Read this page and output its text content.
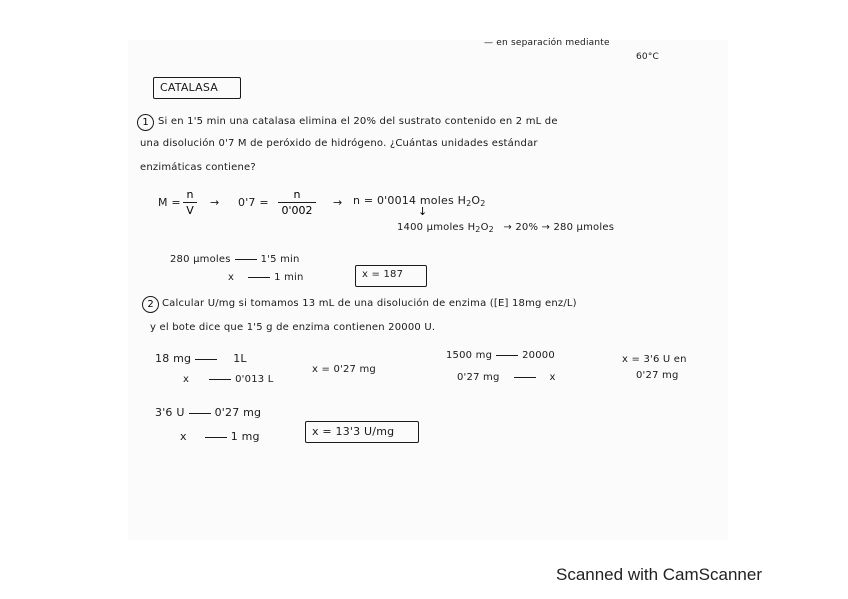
— en separación mediante
60°C
CATALASA
1 Si en 1'5 min una catalasa elimina el 20% del sustrato contenido en 2 mL de
una disolución 0'7 M de peróxido de hidrógeno. ¿Cuántas unidades estándar
enzimáticas contiene?
M =
n
V
→ 0'7 =
n
0'002
→ n = 0'0014 moles $H_2O_2$
↓
1400 μmoles $H_2O_2 \to 20\% \to 280$ μmoles
280 μmoles	1'5 min
x	1 min	x = 187
2 Calcular U/mg si tomamos 13 mL de una disolución de enzima ([E] 18mg enz/L)
y el bote dice que 1'5 g de enzima contienen 20000 U.
18 mg	1L
x	0'013 L
x = 0'27 mg
1500 mg	20000
0'27 mg	x
x = 3'6 U en
0'27 mg
3'6 U	0'27 mg
x	1 mg	x = 13'3 U/mg
Scanned with CamScanner
